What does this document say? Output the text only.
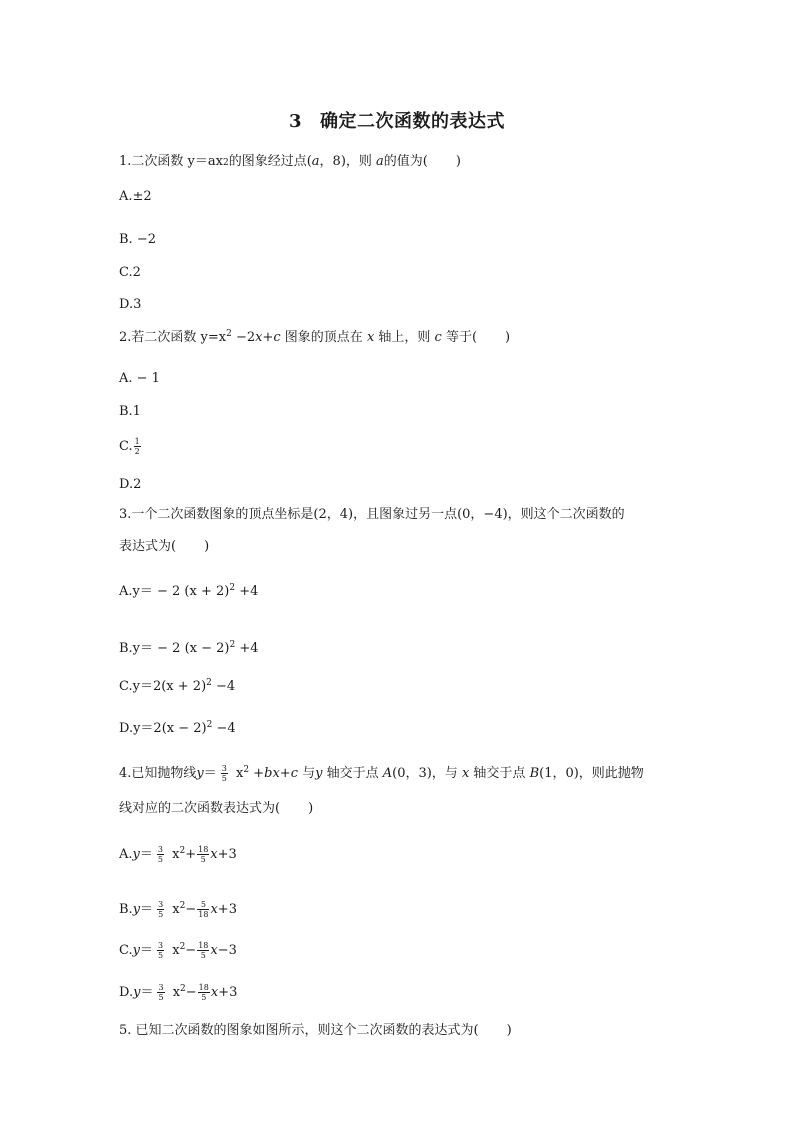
3 确定二次函数的表达式
1.二次函数 y＝ax2的图象经过点(a，8)，则 a的值为( )
A.±2
B. −2
C.2
D.3
2.若二次函数 $y=x^2 -2x+c$ 图象的顶点在 x 轴上，则 c 等于( )
A. − 1
B.1
C. $\frac{1}{2}$
D.2
3.一个二次函数图象的顶点坐标是(2，4)，且图象过另一点(0，−4)，则这个二次函数的
表达式为( )
A.y＝ − 2 $(x + 2)^2 +4$
B.y＝ − 2 $(x - 2)^2 +4$
$C.y=2(x + 2)^2 -4$
$D.y=2(x - 2)^2 -4$
4.已知抛物线$y= \frac{3}{5} x^2 +bx+c$ 与y 轴交于点 A(0，3)，与 x 轴交于点 B(1，0)，则此抛物
线对应的二次函数表达式为( )
$A.y= \frac{3}{5} x^2+ \frac{18}{5} x+3$
$B.y= \frac{3}{5} x^2- \frac{5}{18} x+3$
$C.y= \frac{3}{5} x^2- \frac{18}{5} x-3$
$D.y= \frac{3}{5} x^2- \frac{18}{5} x+3$
5. 已知二次函数的图象如图所示，则这个二次函数的表达式为( )
